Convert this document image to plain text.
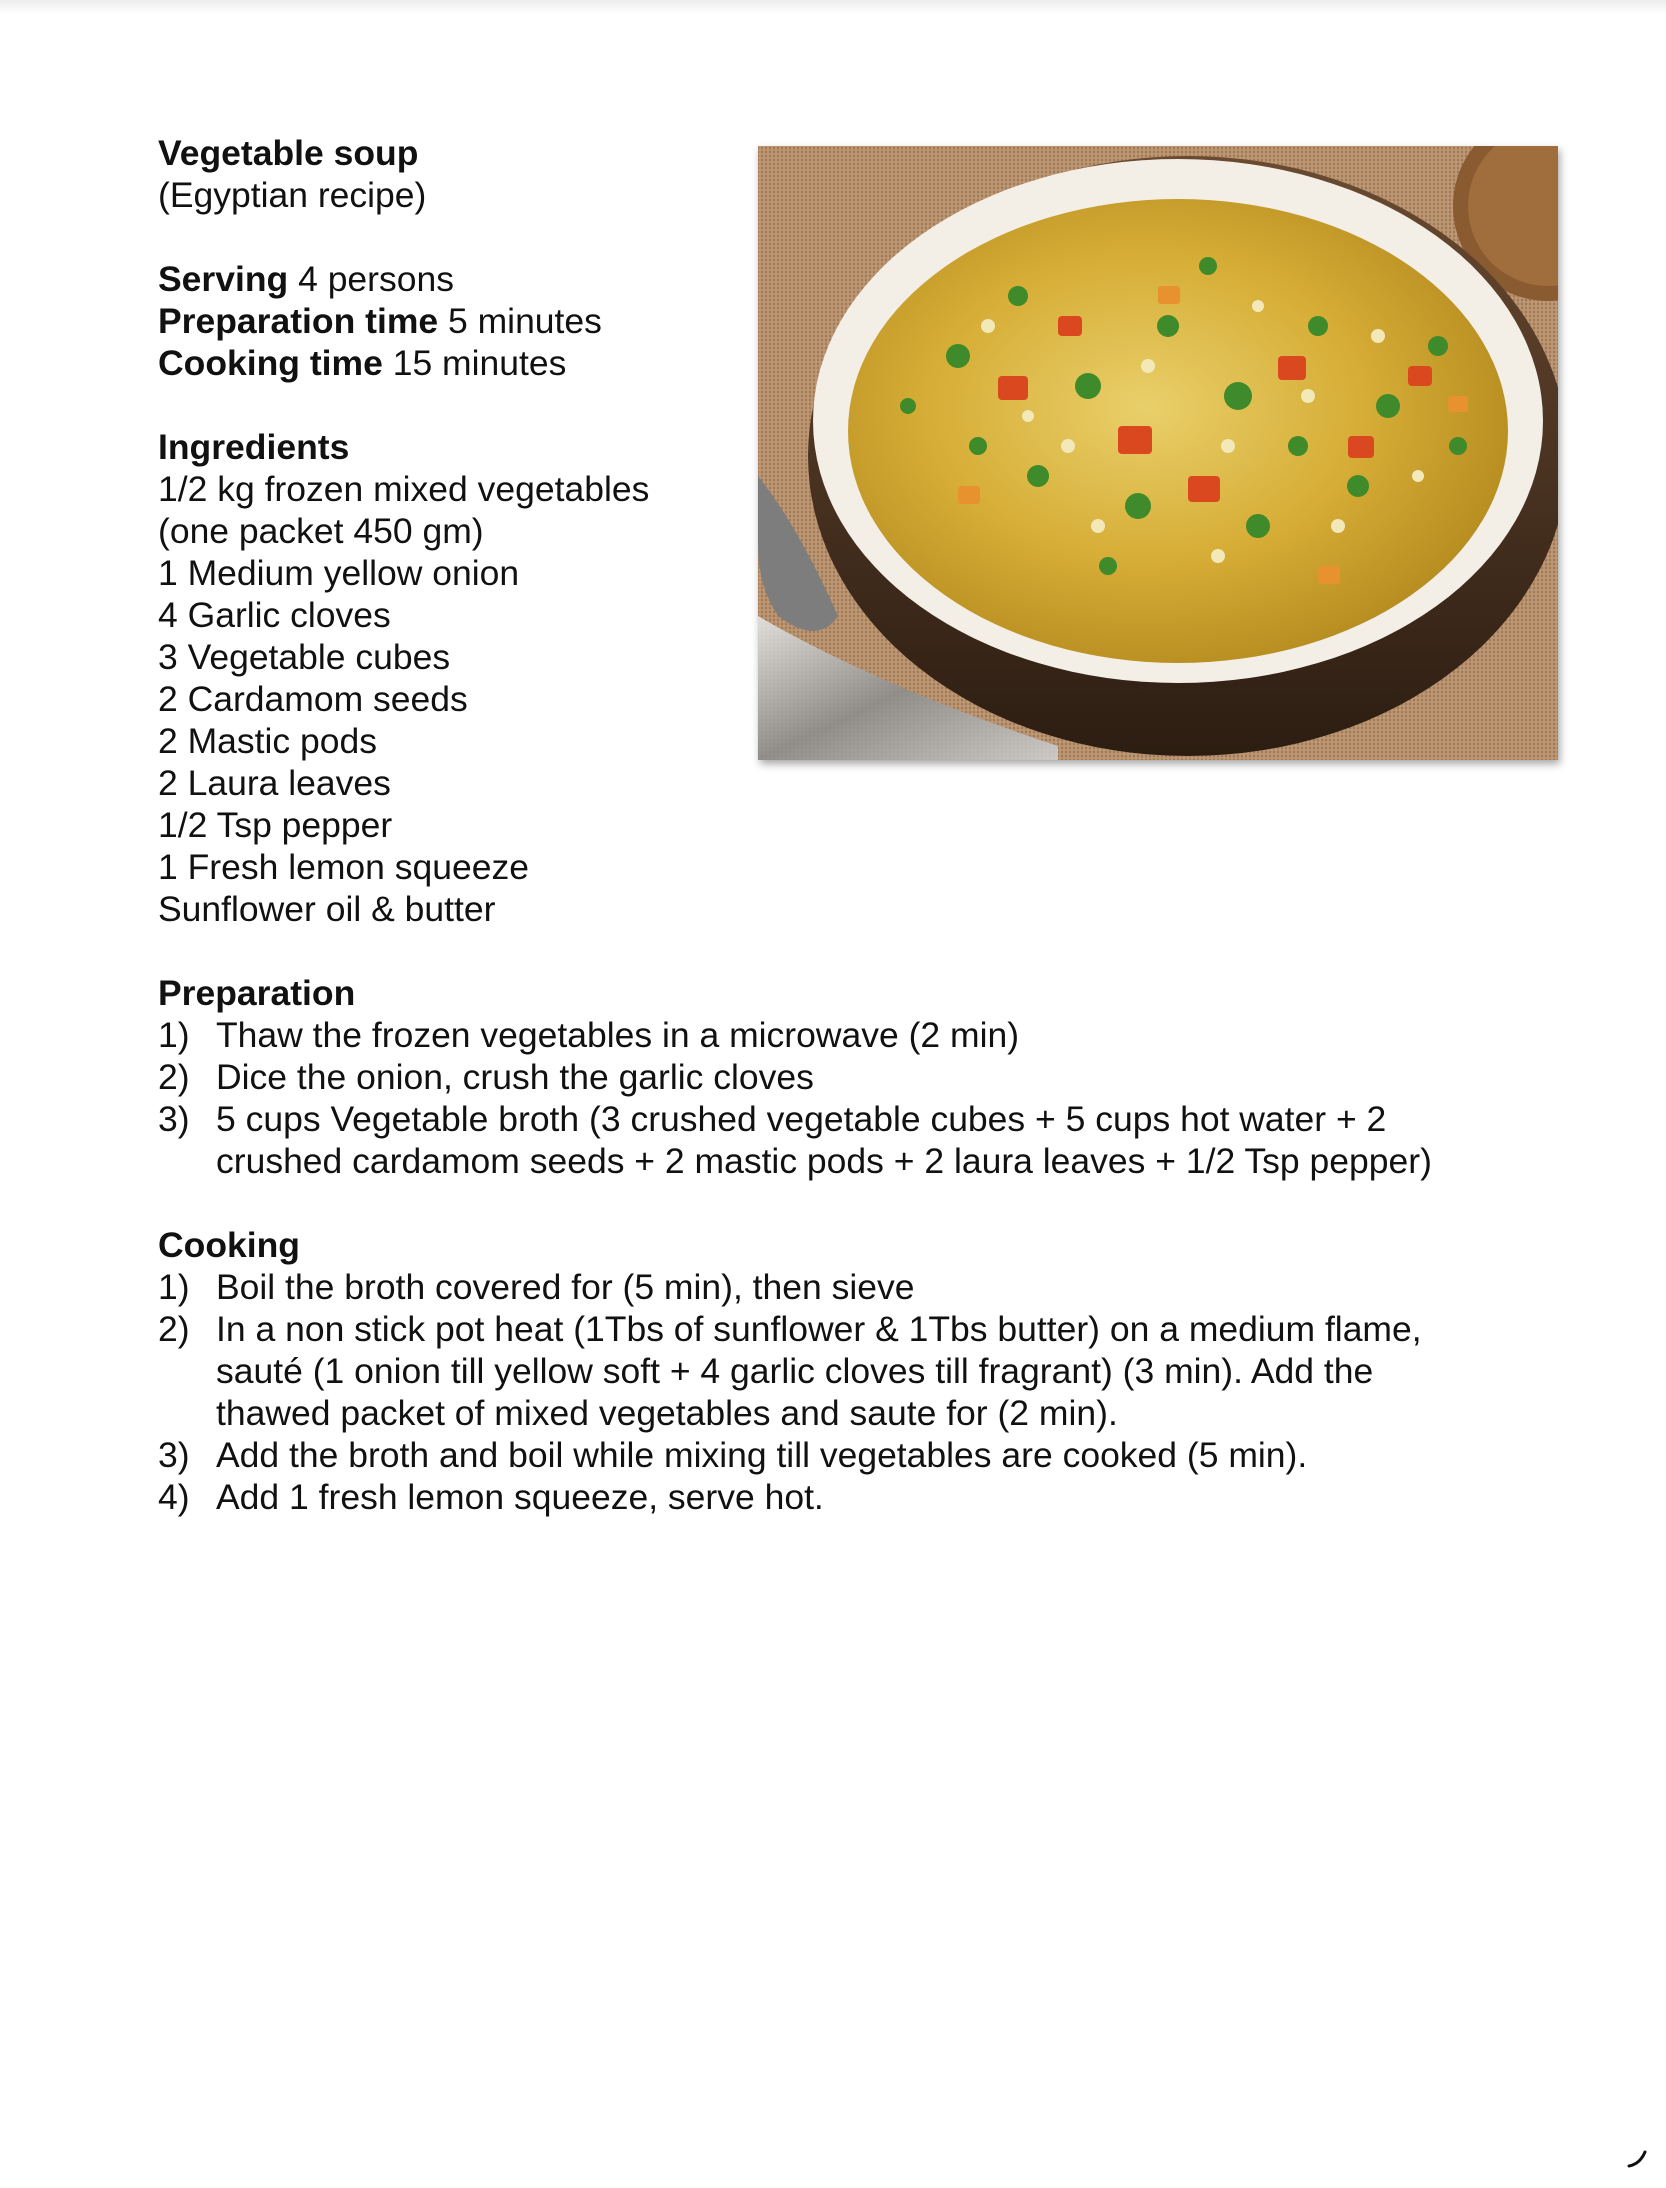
Vegetable soup
(Egyptian recipe)
Serving 4 persons
Preparation time 5 minutes
Cooking time 15 minutes
Ingredients
1/2 kg frozen mixed vegetables
(one packet 450 gm)
1 Medium yellow onion
4 Garlic cloves
3 Vegetable cubes
2 Cardamom seeds
2 Mastic pods
2 Laura leaves
1/2 Tsp pepper
1 Fresh lemon squeeze
Sunflower oil & butter
Preparation
1) Thaw the frozen vegetables in a microwave (2 min)
2) Dice the onion, crush the garlic cloves
3) 5 cups Vegetable broth (3 crushed vegetable cubes + 5 cups hot water + 2
crushed cardamom seeds + 2 mastic pods + 2 laura leaves + 1/2 Tsp pepper)
Cooking
1) Boil the broth covered for (5 min), then sieve
2) In a non stick pot heat (1Tbs of sunflower & 1Tbs butter) on a medium flame,
sauté (1 onion till yellow soft + 4 garlic cloves till fragrant) (3 min). Add the
thawed packet of mixed vegetables and saute for (2 min).
3) Add the broth and boil while mixing till vegetables are cooked (5 min).
4) Add 1 fresh lemon squeeze, serve hot.
